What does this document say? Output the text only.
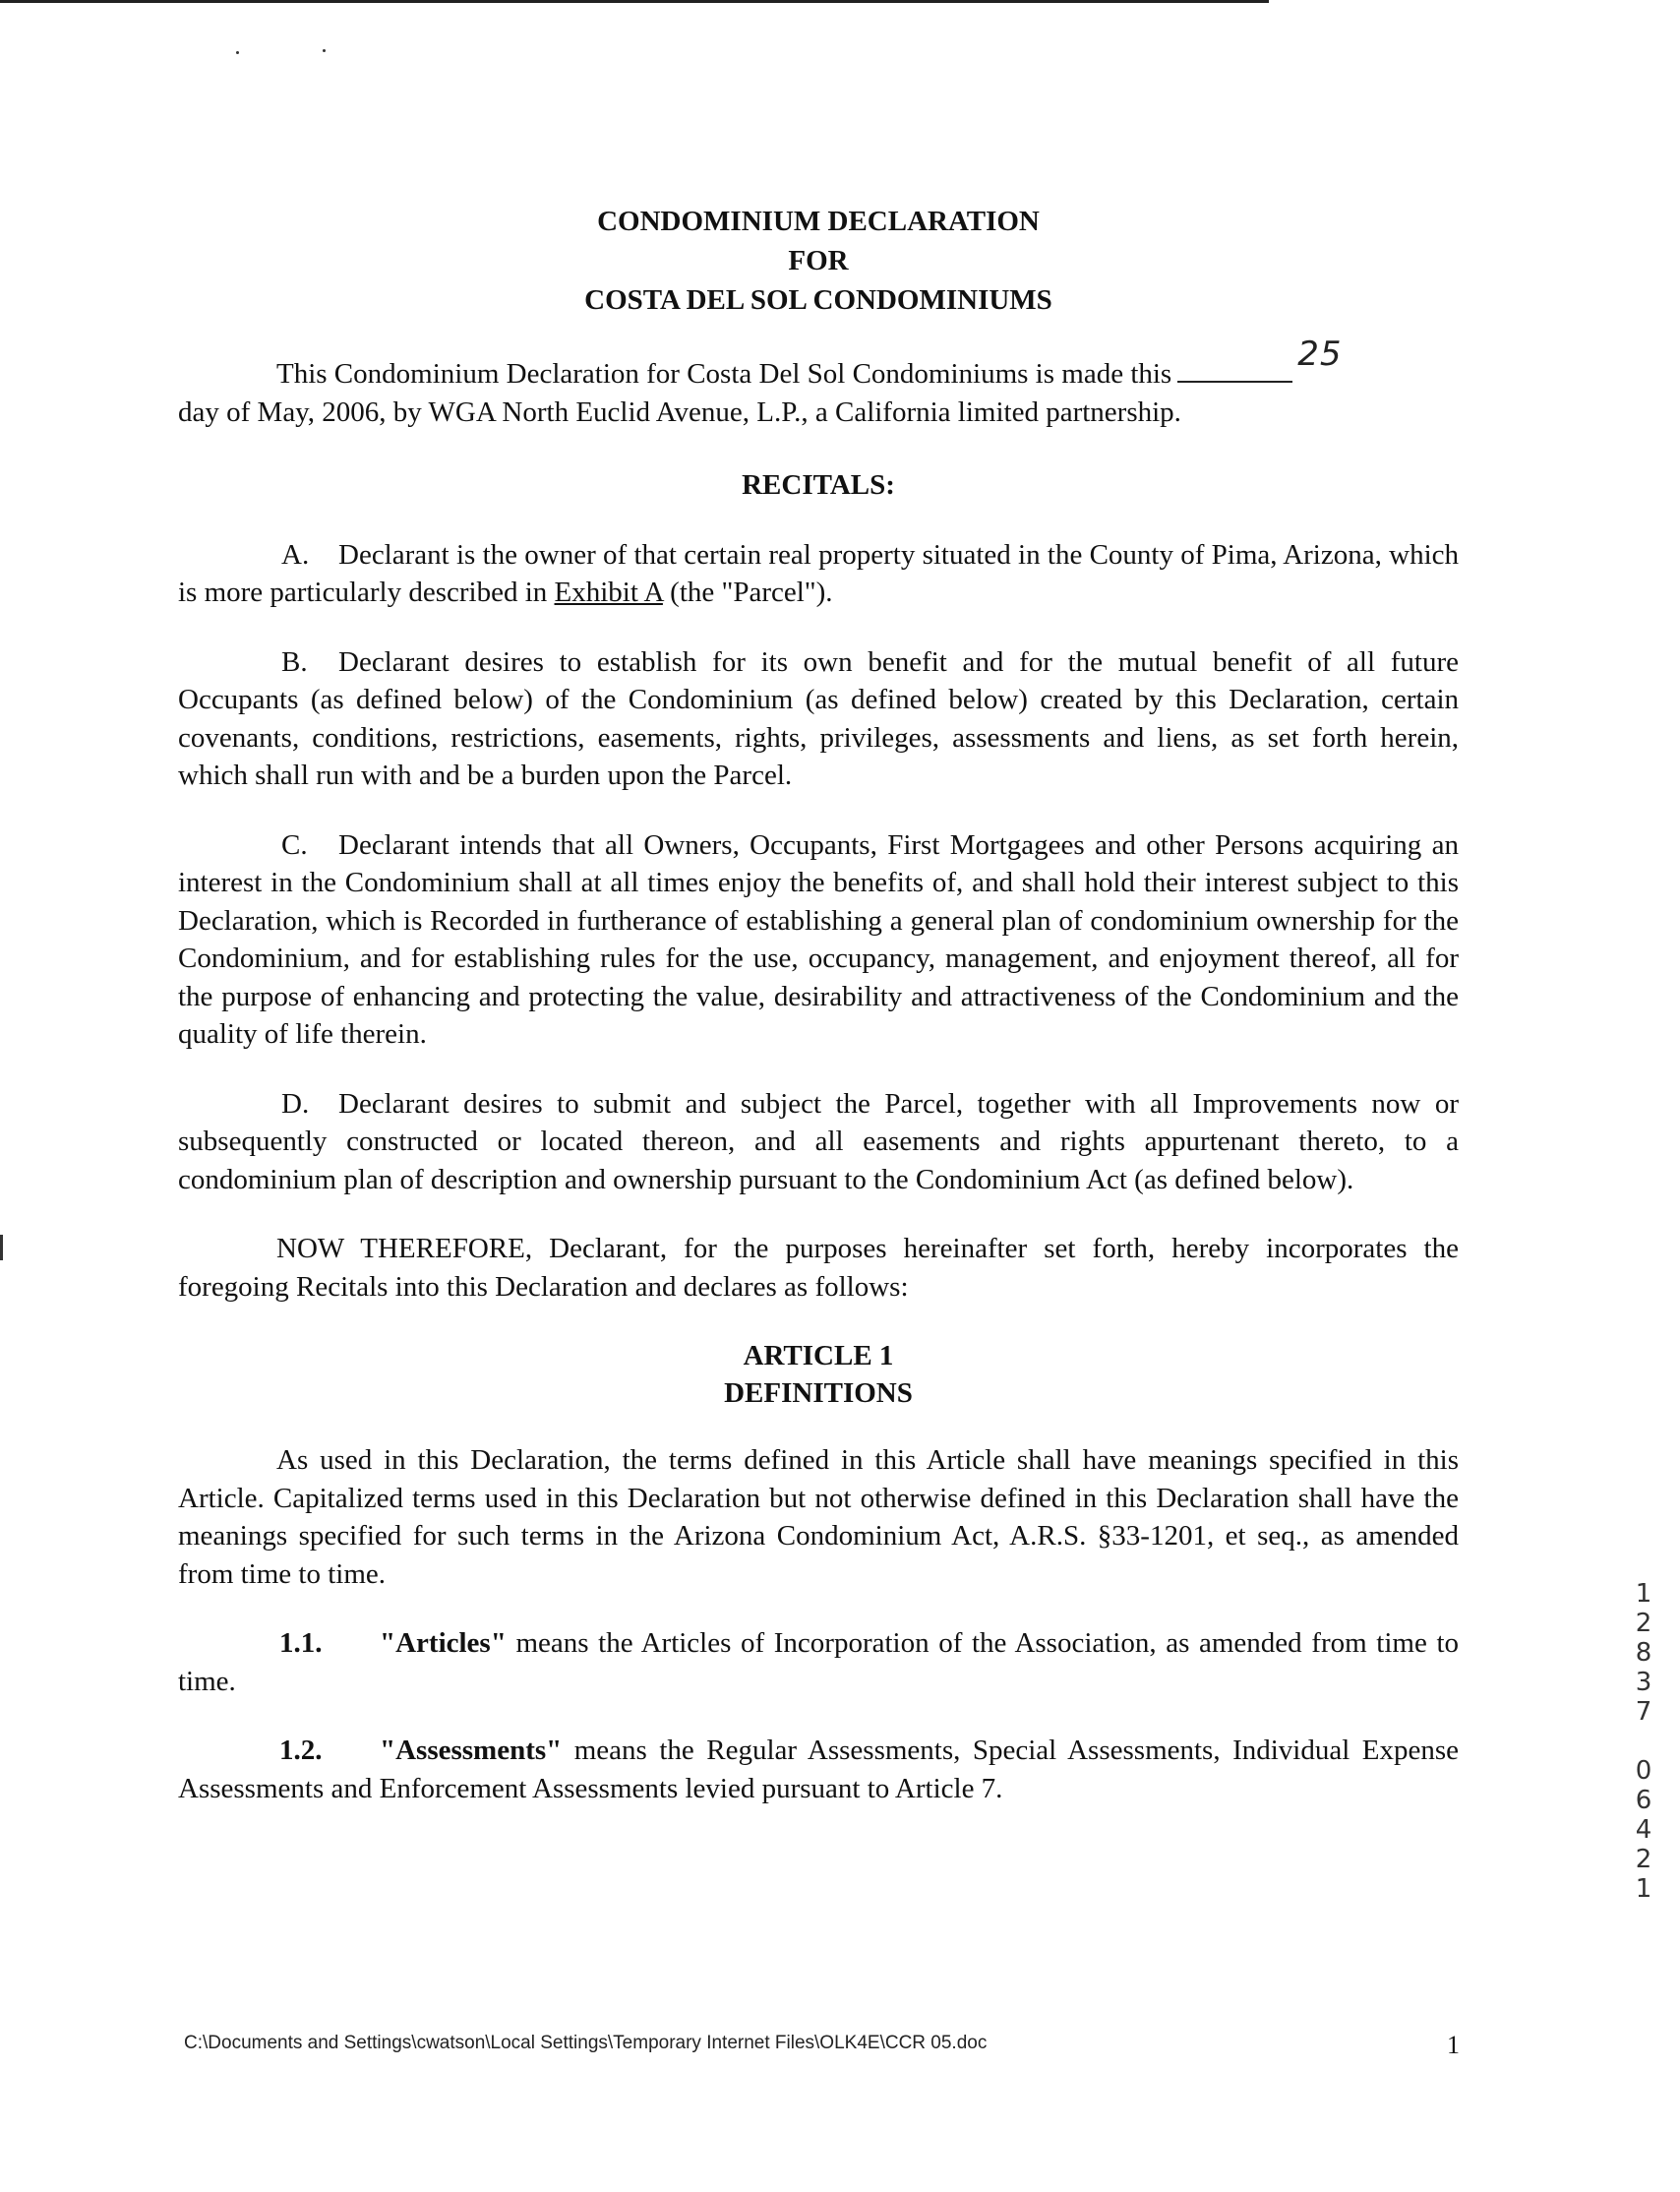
CONDOMINIUM DECLARATION
FOR
COSTA DEL SOL CONDOMINIUMS

This Condominium Declaration for Costa Del Sol Condominiums is made this	25

day of May, 2006, by WGA North Euclid Avenue, L.P., a California limited partnership.

RECITALS:

A. Declarant is the owner of that certain real property situated in the County of Pima, Arizona, which is more particularly described in Exhibit A (the "Parcel").

B. Declarant desires to establish for its own benefit and for the mutual benefit of all future Occupants (as defined below) of the Condominium (as defined below) created by this Declaration, certain covenants, conditions, restrictions, easements, rights, privileges, assessments and liens, as set forth herein, which shall run with and be a burden upon the Parcel.

C. Declarant intends that all Owners, Occupants, First Mortgagees and other Persons acquiring an interest in the Condominium shall at all times enjoy the benefits of, and shall hold their interest subject to this Declaration, which is Recorded in furtherance of establishing a general plan of condominium ownership for the Condominium, and for establishing rules for the use, occupancy, management, and enjoyment thereof, all for the purpose of enhancing and protecting the value, desirability and attractiveness of the Condominium and the quality of life therein.

D. Declarant desires to submit and subject the Parcel, together with all Improvements now or subsequently constructed or located thereon, and all easements and rights appurtenant thereto, to a condominium plan of description and ownership pursuant to the Condominium Act (as defined below).

NOW THEREFORE, Declarant, for the purposes hereinafter set forth, hereby incorporates the foregoing Recitals into this Declaration and declares as follows:

ARTICLE 1
DEFINITIONS

As used in this Declaration, the terms defined in this Article shall have meanings specified in this Article. Capitalized terms used in this Declaration but not otherwise defined in this Declaration shall have the meanings specified for such terms in the Arizona Condominium Act, A.R.S. §33-1201, et seq., as amended from time to time.

1.1. "Articles" means the Articles of Incorporation of the Association, as amended from time to time.

1.2. "Assessments" means the Regular Assessments, Special Assessments, Individual Expense Assessments and Enforcement Assessments levied pursuant to Article 7.	12837 06421
C:\Documents and Settings\cwatson\Local Settings\Temporary Internet Files\OLK4E\CCR 05.doc	1
